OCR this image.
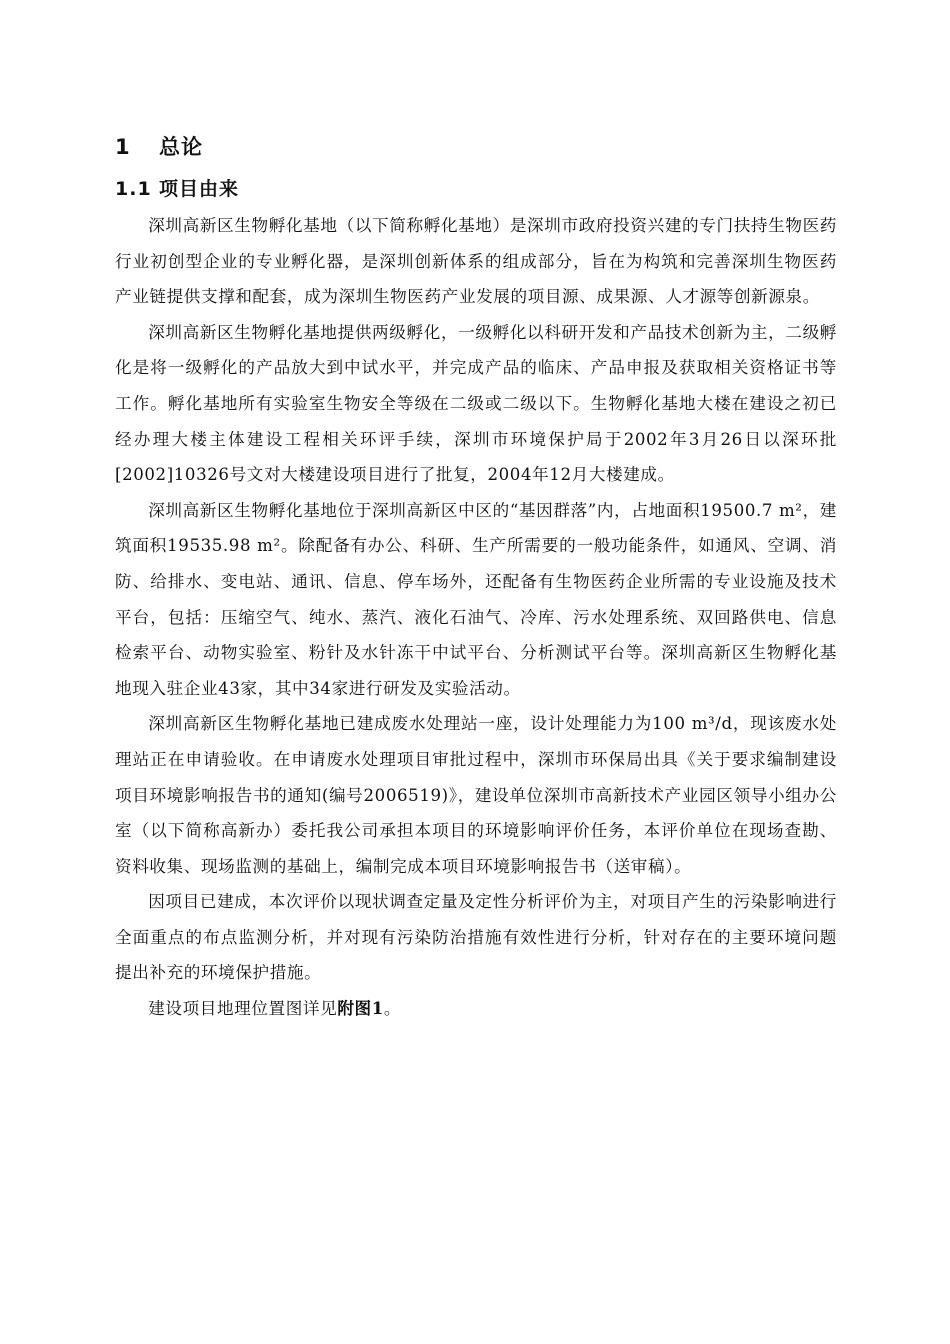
1 总论
1.1 项目由来

深圳高新区生物孵化基地（以下简称孵化基地）是深圳市政府投资兴建的专门扶持生物医药行业初创型企业的专业孵化器，是深圳创新体系的组成部分，旨在为构筑和完善深圳生物医药产业链提供支撑和配套，成为深圳生物医药产业发展的项目源、成果源、人才源等创新源泉。

深圳高新区生物孵化基地提供两级孵化，一级孵化以科研开发和产品技术创新为主，二级孵化是将一级孵化的产品放大到中试水平，并完成产品的临床、产品申报及获取相关资格证书等工作。孵化基地所有实验室生物安全等级在二级或二级以下。生物孵化基地大楼在建设之初已经办理大楼主体建设工程相关环评手续，深圳市环境保护局于2002年3月26日以深环批[2002]10326号文对大楼建设项目进行了批复，2004年12月大楼建成。

深圳高新区生物孵化基地位于深圳高新区中区的“基因群落”内，占地面积19500.7 m²，建筑面积19535.98 m²。除配备有办公、科研、生产所需要的一般功能条件，如通风、空调、消防、给排水、变电站、通讯、信息、停车场外，还配备有生物医药企业所需的专业设施及技术平台，包括：压缩空气、纯水、蒸汽、液化石油气、冷库、污水处理系统、双回路供电、信息检索平台、动物实验室、粉针及水针冻干中试平台、分析测试平台等。深圳高新区生物孵化基地现入驻企业43家，其中34家进行研发及实验活动。

深圳高新区生物孵化基地已建成废水处理站一座，设计处理能力为100 m³/d，现该废水处理站正在申请验收。在申请废水处理项目审批过程中，深圳市环保局出具《关于要求编制建设项目环境影响报告书的通知(编号2006519)》，建设单位深圳市高新技术产业园区领导小组办公室（以下简称高新办）委托我公司承担本项目的环境影响评价任务，本评价单位在现场查勘、资料收集、现场监测的基础上，编制完成本项目环境影响报告书（送审稿）。

因项目已建成，本次评价以现状调查定量及定性分析评价为主，对项目产生的污染影响进行全面重点的布点监测分析，并对现有污染防治措施有效性进行分析，针对存在的主要环境问题提出补充的环境保护措施。

建设项目地理位置图详见附图1。
